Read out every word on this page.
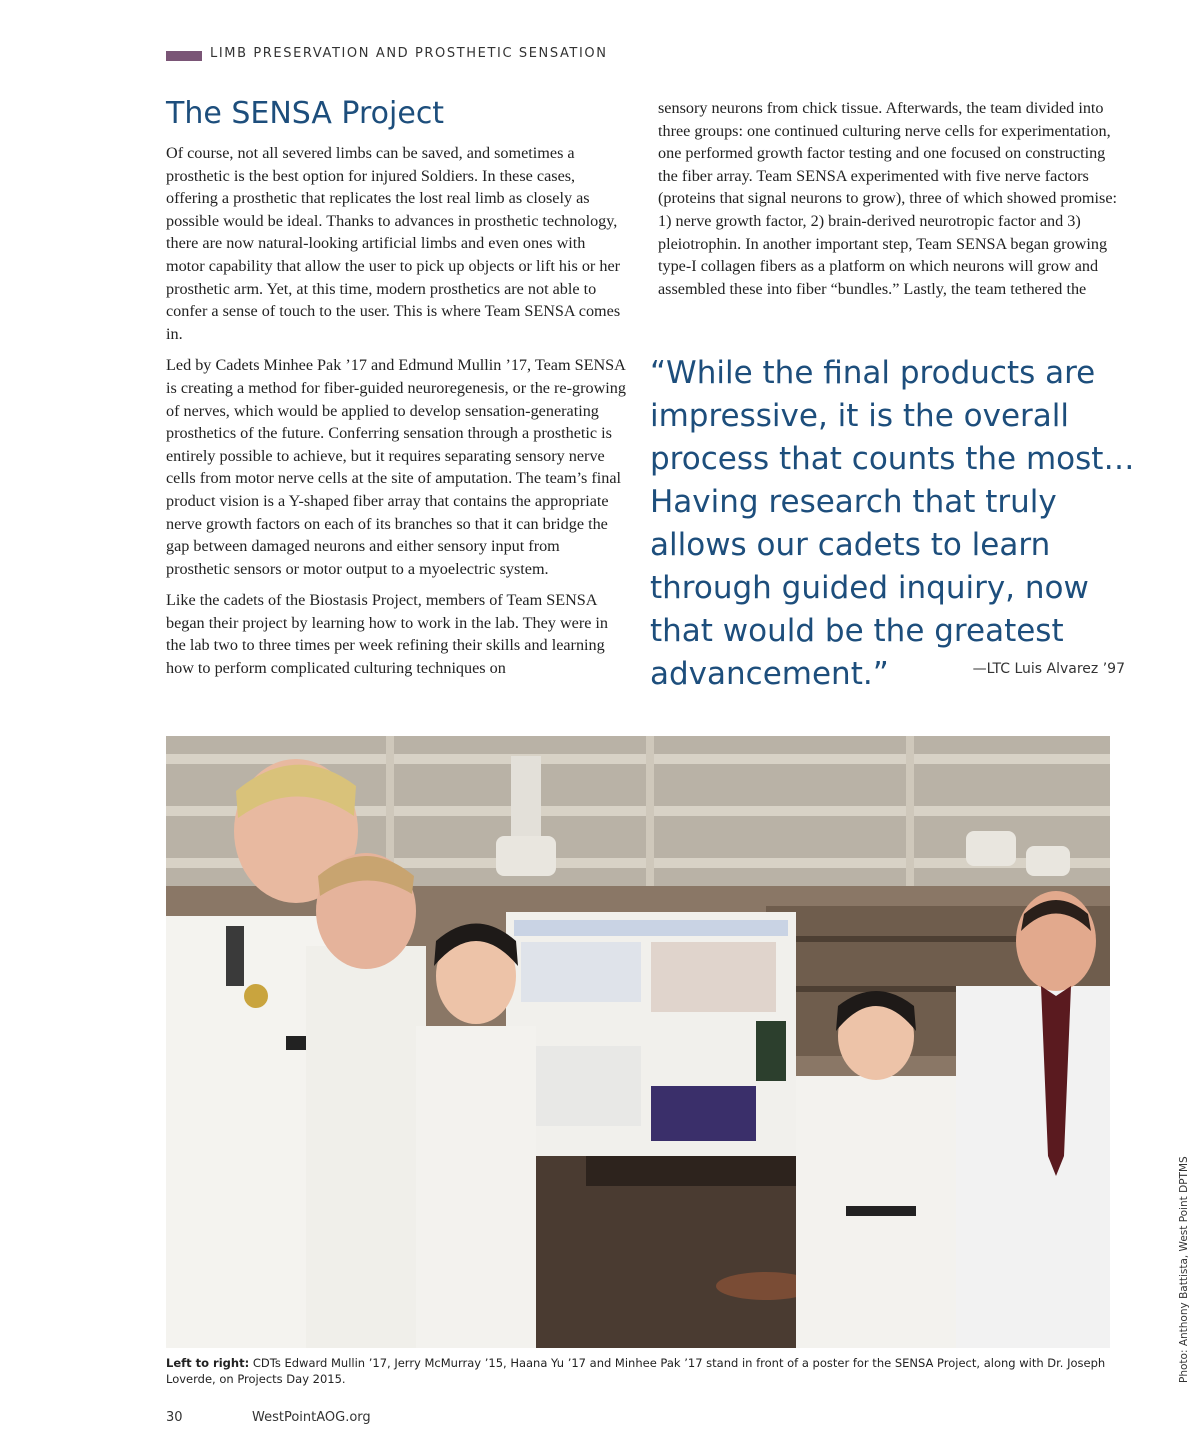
LIMB PRESERVATION AND PROSTHETIC SENSATION
The SENSA Project

Of course, not all severed limbs can be saved, and sometimes a prosthetic is the best option for injured Soldiers. In these cases, offering a prosthetic that replicates the lost real limb as closely as possible would be ideal. Thanks to advances in prosthetic technology, there are now natural-looking artificial limbs and even ones with motor capability that allow the user to pick up objects or lift his or her prosthetic arm. Yet, at this time, modern prosthetics are not able to confer a sense of touch to the user. This is where Team SENSA comes in.

Led by Cadets Minhee Pak ’17 and Edmund Mullin ’17, Team SENSA is creating a method for fiber-guided neuroregenesis, or the re-growing of nerves, which would be applied to develop sensation-generating prosthetics of the future. Conferring sensation through a prosthetic is entirely possible to achieve, but it requires separating sensory nerve cells from motor nerve cells at the site of amputation. The team’s final product vision is a Y-shaped fiber array that contains the appropriate nerve growth factors on each of its branches so that it can bridge the gap between damaged neurons and either sensory input from prosthetic sensors or motor output to a myoelectric system.

Like the cadets of the Biostasis Project, members of Team SENSA began their project by learning how to work in the lab. They were in the lab two to three times per week refining their skills and learning how to perform complicated culturing techniques on

sensory neurons from chick tissue. Afterwards, the team divided into three groups: one continued culturing nerve cells for experimentation, one performed growth factor testing and one focused on constructing the fiber array. Team SENSA experimented with five nerve factors (proteins that signal neurons to grow), three of which showed promise: 1) nerve growth factor, 2) brain-derived neurotropic factor and 3) pleiotrophin. In another important step, Team SENSA began growing type-I collagen fibers as a platform on which neurons will grow and assembled these into fiber “bundles.” Lastly, the team tethered the

“While the final products are impressive, it is the overall process that counts the most… Having research that truly allows our cadets to learn through guided inquiry, now that would be the greatest advancement.”	—LTC Luis Alvarez ’97
Left to right: CDTs Edward Mullin ’17, Jerry McMurray ’15, Haana Yu ’17 and Minhee Pak ’17 stand in front of a poster for the SENSA Project, along with Dr. Joseph Loverde, on Projects Day 2015.	Photo: Anthony Battista, West Point DPTMS
30	WestPointAOG.org
